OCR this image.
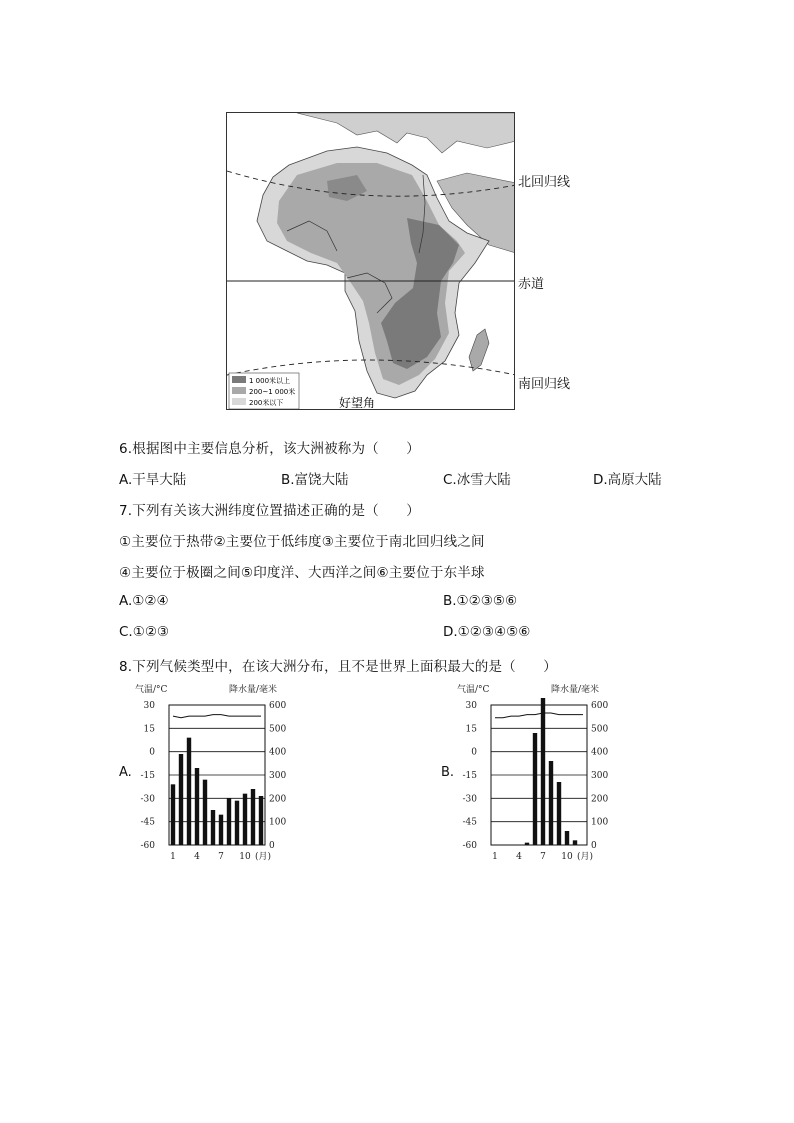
1 000米以上
200~1 000米
200米以下	好望角
北回归线
赤道
南回归线
6.根据图中主要信息分析，该大洲被称为（　　）
A.干旱大陆	B.富饶大陆	C.冰雪大陆	D.高原大陆
7.下列有关该大洲纬度位置描述正确的是（　　）
①主要位于热带②主要位于低纬度③主要位于南北回归线之间
④主要位于极圈之间⑤印度洋、大西洋之间⑥主要位于东半球
A.①②④	B.①②③⑤⑥
C.①②③	D.①②③④⑤⑥
8.下列气候类型中，在该大洲分布，且不是世界上面积最大的是（　　）
A.
气温/°C	降水量/毫米
30	600
15	500
0	400
-15	300
-30	200
-45	100
-60	0
1 4 7 10 (月)
B.
气温/°C	降水量/毫米
30	600
15	500
0	400
-15	300
-30	200
-45	100
-60	0
1 4 7 10 (月)
